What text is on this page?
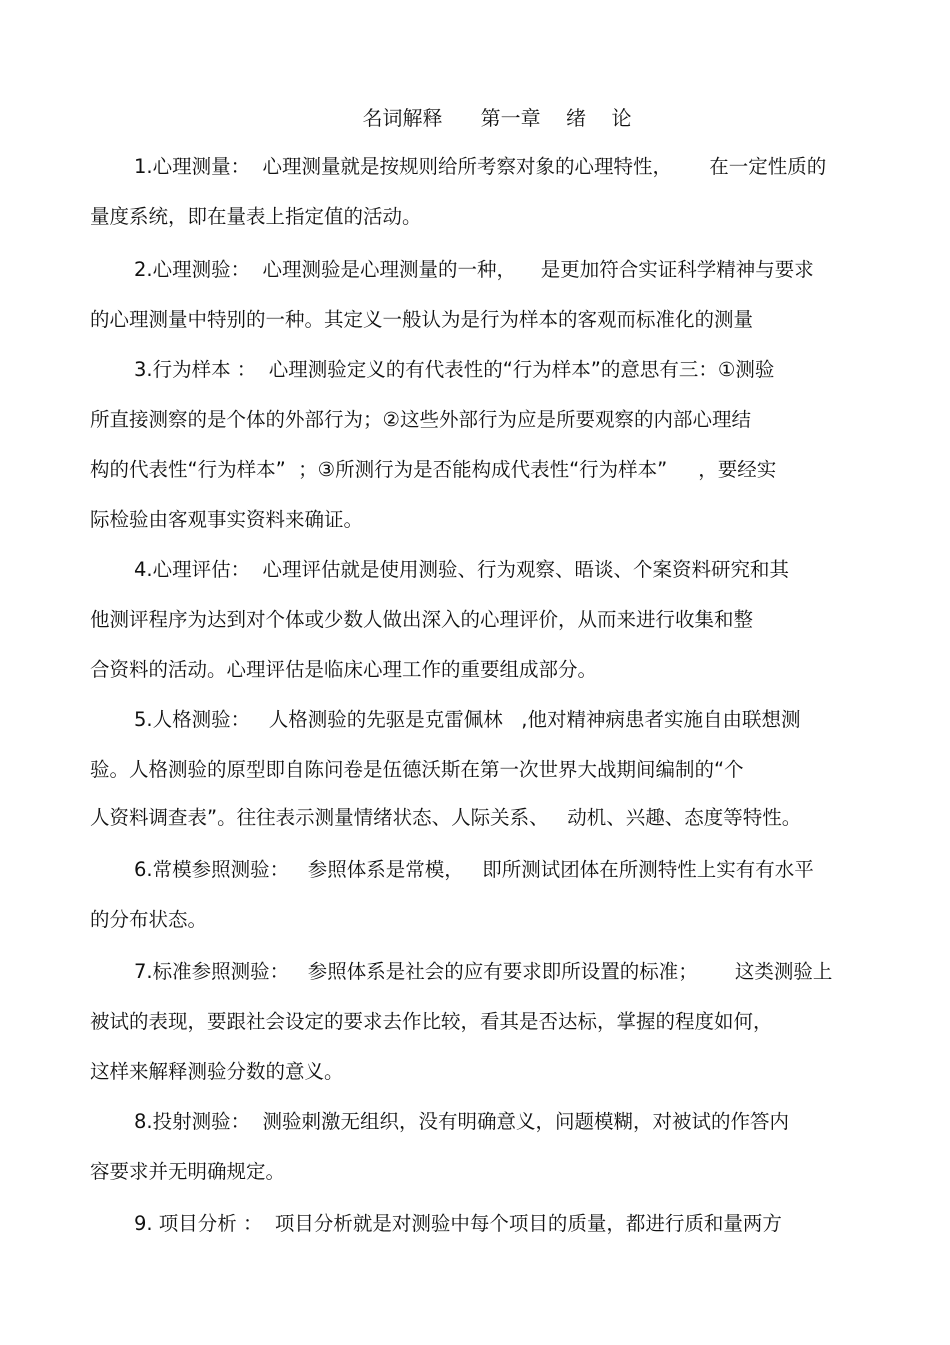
名词解释      第一章    绪    论
1.心理测量：  心理测量就是按规则给所考察对象的心理特性，      在一定性质的
量度系统，即在量表上指定值的活动。
2.心理测验：  心理测验是心理测量的一种，    是更加符合实证科学精神与要求
的心理测量中特别的一种。其定义一般认为是行为样本的客观而标准化的测量
3.行为样本 ：  心理测验定义的有代表性的“行为样本”的意思有三：①测验
所直接测察的是个体的外部行为；②这些外部行为应是所要观察的内部心理结
构的代表性“行为样本”  ；③所测行为是否能构成代表性“行为样本”     ，要经实
际检验由客观事实资料来确证。
4.心理评估：  心理评估就是使用测验、行为观察、晤谈、个案资料研究和其
他测评程序为达到对个体或少数人做出深入的心理评价，从而来进行收集和整
合资料的活动。心理评估是临床心理工作的重要组成部分。
5.人格测验：   人格测验的先驱是克雷佩林   ,他对精神病患者实施自由联想测
验。人格测验的原型即自陈问卷是伍德沃斯在第一次世界大战期间编制的“个
人资料调查表”。往往表示测量情绪状态、人际关系、   动机、兴趣、态度等特性。
6.常模参照测验：   参照体系是常模，   即所测试团体在所测特性上实有有水平
的分布状态。
7.标准参照测验：   参照体系是社会的应有要求即所设置的标准；      这类测验上
被试的表现，要跟社会设定的要求去作比较，看其是否达标，掌握的程度如何，
这样来解释测验分数的意义。
8.投射测验：  测验刺激无组织，没有明确意义，问题模糊，对被试的作答内
容要求并无明确规定。
9. 项目分析 ：  项目分析就是对测验中每个项目的质量，都进行质和量两方
